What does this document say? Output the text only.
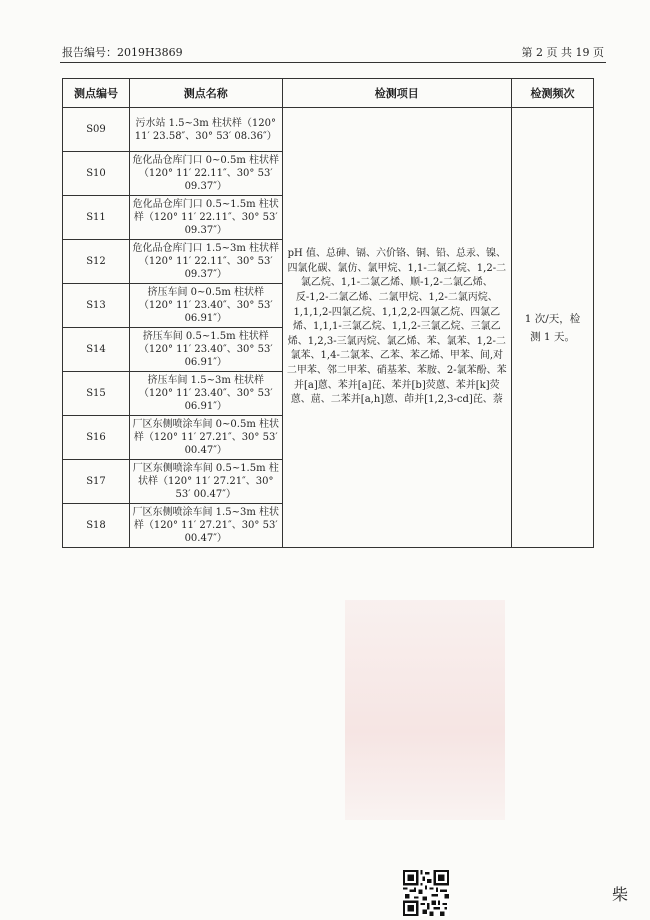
报告编号：2019H3869	第 2 页 共 19 页
测点编号	测点名称	检测项目	检测频次
S09	污水站 1.5~3m 柱状样（120° 11′ 23.58″、30° 53′ 08.36″）	pH 值、总砷、镉、六价铬、铜、铅、总汞、镍、四氯化碳、氯仿、氯甲烷、1,1-二氯乙烷、1,2-二氯乙烷、1,1-二氯乙烯、顺-1,2-二氯乙烯、反-1,2-二氯乙烯、二氯甲烷、1,2-二氯丙烷、1,1,1,2-四氯乙烷、1,1,2,2-四氯乙烷、四氯乙烯、1,1,1-三氯乙烷、1,1,2-三氯乙烷、三氯乙烯、1,2,3-三氯丙烷、氯乙烯、苯、氯苯、1,2-二氯苯、1,4-二氯苯、乙苯、苯乙烯、甲苯、间,对二甲苯、邻二甲苯、硝基苯、苯胺、2-氯苯酚、苯并[a]蒽、苯并[a]芘、苯并[b]荧蒽、苯并[k]荧蒽、䓛、二苯并[a,h]蒽、茚并[1,2,3-cd]芘、萘	1 次/天，检测 1 天。
S10	危化品仓库门口 0~0.5m 柱状样（120° 11′ 22.11″、30° 53′ 09.37″）		
S11	危化品仓库门口 0.5~1.5m 柱状样（120° 11′ 22.11″、30° 53′ 09.37″）		
S12	危化品仓库门口 1.5~3m 柱状样（120° 11′ 22.11″、30° 53′ 09.37″）		
S13	挤压车间 0~0.5m 柱状样（120° 11′ 23.40″、30° 53′ 06.91″）		
S14	挤压车间 0.5~1.5m 柱状样（120° 11′ 23.40″、30° 53′ 06.91″）		
S15	挤压车间 1.5~3m 柱状样（120° 11′ 23.40″、30° 53′ 06.91″）		
S16	厂区东侧喷涂车间 0~0.5m 柱状样（120° 11′ 27.21″、30° 53′ 00.47″）		
S17	厂区东侧喷涂车间 0.5~1.5m 柱状样（120° 11′ 27.21″、30° 53′ 00.47″）		
S18	厂区东侧喷涂车间 1.5~3m 柱状样（120° 11′ 27.21″、30° 53′ 00.47″）		
柴
